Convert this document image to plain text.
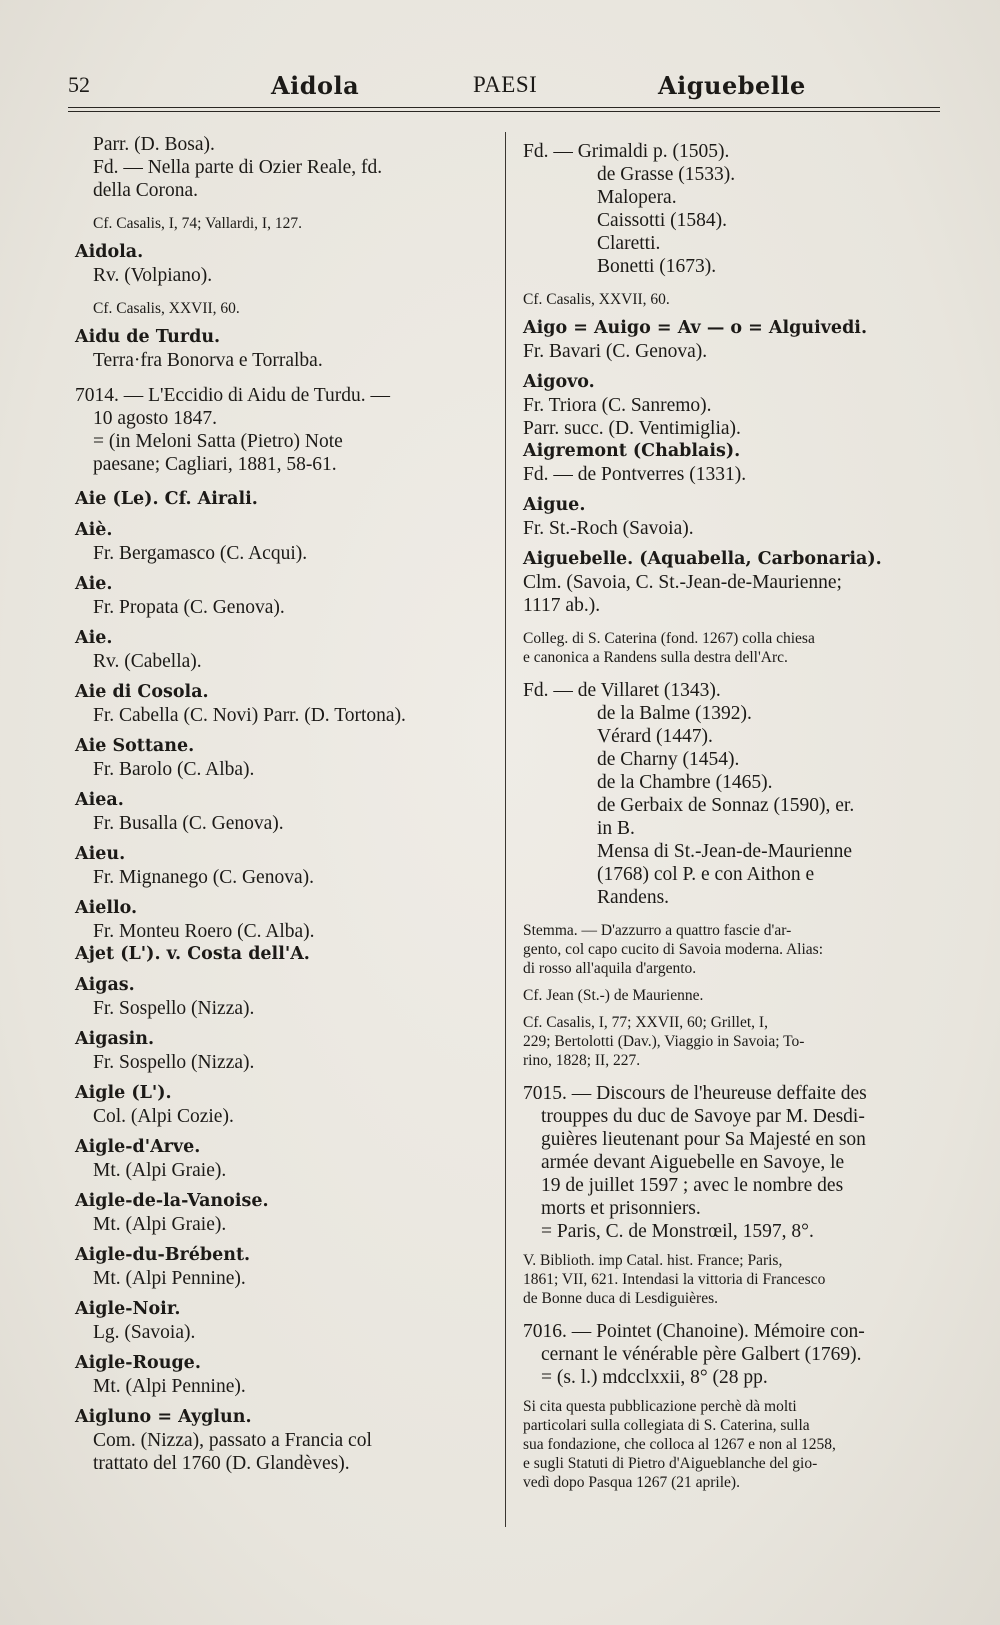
52	Aidola	PAESI	Aiguebelle
Parr. (D. Bosa).
Fd. — Nella parte di Ozier Reale, fd.
della Corona.
Cf. Casalis, I, 74; Vallardi, I, 127.
Aidola.
Rv. (Volpiano).
Cf. Casalis, XXVII, 60.
Aidu de Turdu.
Terra·fra Bonorva e Torralba.
7014. — L'Eccidio di Aidu de Turdu. —
10 agosto 1847.
= (in Meloni Satta (Pietro) Note
paesane; Cagliari, 1881, 58-61.
Aie (Le). Cf. Airali.
Aiè.
Fr. Bergamasco (C. Acqui).
Aie.
Fr. Propata (C. Genova).
Aie.
Rv. (Cabella).
Aie di Cosola.
Fr. Cabella (C. Novi) Parr. (D. Tortona).
Aie Sottane.
Fr. Barolo (C. Alba).
Aiea.
Fr. Busalla (C. Genova).
Aieu.
Fr. Mignanego (C. Genova).
Aiello.
Fr. Monteu Roero (C. Alba).
Ajet (L'). v. Costa dell'A.
Aigas.
Fr. Sospello (Nizza).
Aigasin.
Fr. Sospello (Nizza).
Aigle (L').
Col. (Alpi Cozie).
Aigle-d'Arve.
Mt. (Alpi Graie).
Aigle-de-la-Vanoise.
Mt. (Alpi Graie).
Aigle-du-Brébent.
Mt. (Alpi Pennine).
Aigle-Noir.
Lg. (Savoia).
Aigle-Rouge.
Mt. (Alpi Pennine).
Aigluno = Ayglun.
Com. (Nizza), passato a Francia col
trattato del 1760 (D. Glandèves).
Fd. — Grimaldi p. (1505).
de Grasse (1533).
Malopera.
Caissotti (1584).
Claretti.
Bonetti (1673).
Cf. Casalis, XXVII, 60.
Aigo = Auigo = Av — o = Alguivedi.
Fr. Bavari (C. Genova).
Aigovo.
Fr. Triora (C. Sanremo).
Parr. succ. (D. Ventimiglia).
Aigremont (Chablais).
Fd. — de Pontverres (1331).
Aigue.
Fr. St.-Roch (Savoia).
Aiguebelle. (Aquabella, Carbonaria).
Clm. (Savoia, C. St.-Jean-de-Maurienne;
1117 ab.).
Colleg. di S. Caterina (fond. 1267) colla chiesa
e canonica a Randens sulla destra dell'Arc.
Fd. — de Villaret (1343).
de la Balme (1392).
Vérard (1447).
de Charny (1454).
de la Chambre (1465).
de Gerbaix de Sonnaz (1590), er.
in B.
Mensa di St.-Jean-de-Maurienne
(1768) col P. e con Aithon e
Randens.
Stemma. — D'azzurro a quattro fascie d'ar-
gento, col capo cucito di Savoia moderna. Alias:
di rosso all'aquila d'argento.
Cf. Jean (St.-) de Maurienne.
Cf. Casalis, I, 77; XXVII, 60; Grillet, I,
229; Bertolotti (Dav.), Viaggio in Savoia; To-
rino, 1828; II, 227.
7015. — Discours de l'heureuse deffaite des
trouppes du duc de Savoye par M. Desdi-
guières lieutenant pour Sa Majesté en son
armée devant Aiguebelle en Savoye, le
19 de juillet 1597 ; avec le nombre des
morts et prisonniers.
= Paris, C. de Monstrœil, 1597, 8°.
V. Biblioth. imp Catal. hist. France; Paris,
1861; VII, 621. Intendasi la vittoria di Francesco
de Bonne duca di Lesdiguières.
7016. — Pointet (Chanoine). Mémoire con-
cernant le vénérable père Galbert (1769).
= (s. l.) mdcclxxii, 8° (28 pp.
Si cita questa pubblicazione perchè dà molti
particolari sulla collegiata di S. Caterina, sulla
sua fondazione, che colloca al 1267 e non al 1258,
e sugli Statuti di Pietro d'Aigueblanche del gio-
vedì dopo Pasqua 1267 (21 aprile).
